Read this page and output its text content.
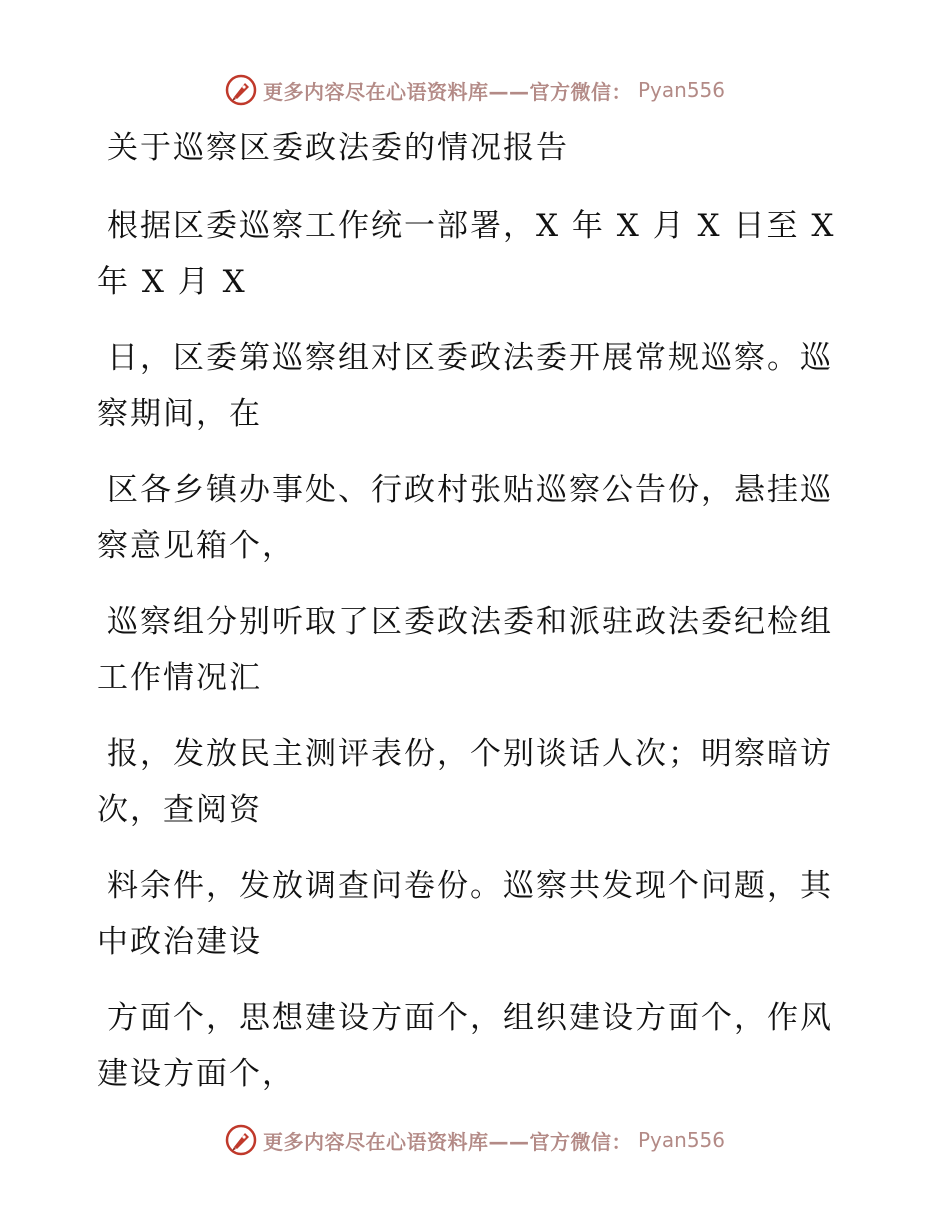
更多内容尽在心语资料库——官方微信： Pyan556

关于巡察区委政法委的情况报告

根据区委巡察工作统一部署，X 年 X 月 X 日至 X 年 X 月 X

日，区委第巡察组对区委政法委开展常规巡察。巡察期间，在

区各乡镇办事处、行政村张贴巡察公告份，悬挂巡察意见箱个，

巡察组分别听取了区委政法委和派驻政法委纪检组工作情况汇

报，发放民主测评表份，个别谈话人次；明察暗访次，查阅资

料余件，发放调查问卷份。巡察共发现个问题，其中政治建设

方面个，思想建设方面个，组织建设方面个，作风建设方面个，

更多内容尽在心语资料库——官方微信： Pyan556
